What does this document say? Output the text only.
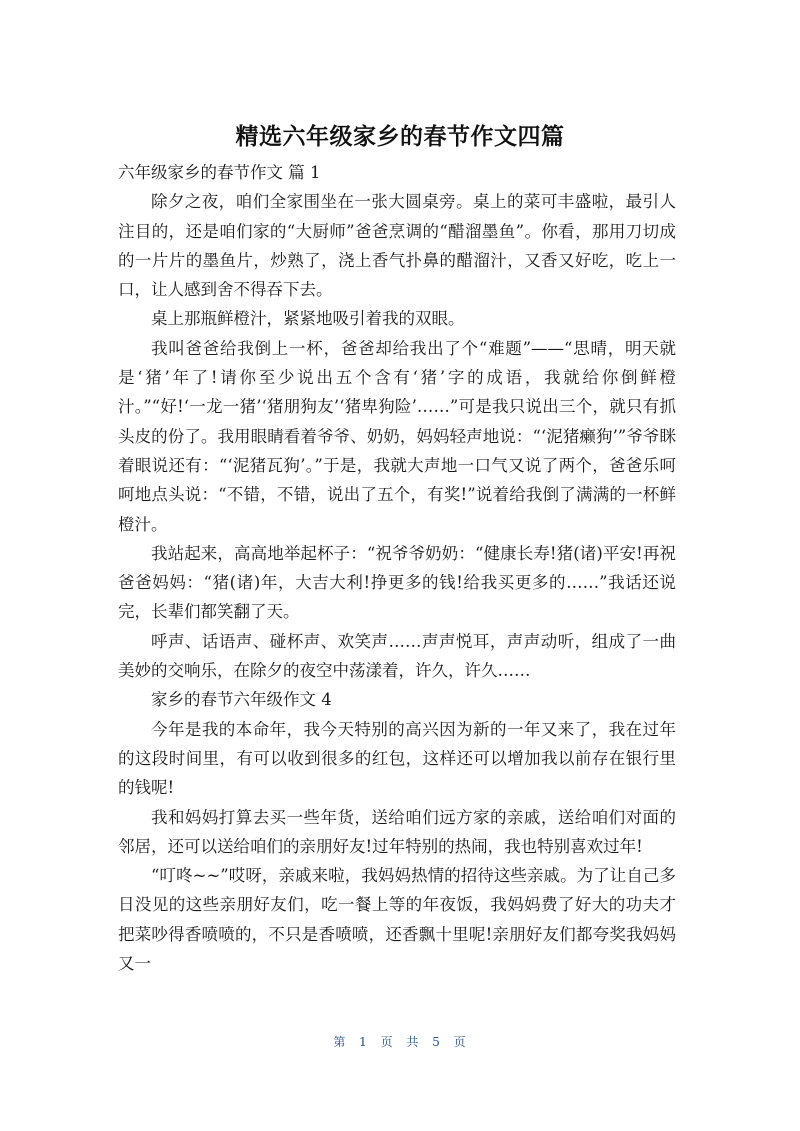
精选六年级家乡的春节作文四篇

六年级家乡的春节作文 篇 1

除夕之夜，咱们全家围坐在一张大圆桌旁。桌上的菜可丰盛啦，最引人注目的，还是咱们家的“大厨师”爸爸烹调的“醋溜墨鱼”。你看，那用刀切成的一片片的墨鱼片，炒熟了，浇上香气扑鼻的醋溜汁，又香又好吃，吃上一口，让人感到舍不得吞下去。

桌上那瓶鲜橙汁，紧紧地吸引着我的双眼。

我叫爸爸给我倒上一杯，爸爸却给我出了个“难题”——“思晴，明天就是‘猪’年了!请你至少说出五个含有‘猪’字的成语，我就给你倒鲜橙汁。”“好!‘一龙一猪’‘猪朋狗友’‘猪卑狗险’……”可是我只说出三个，就只有抓头皮的份了。我用眼睛看着爷爷、奶奶，妈妈轻声地说：“‘泥猪癞狗’”爷爷眯着眼说还有：“‘泥猪瓦狗’。”于是，我就大声地一口气又说了两个，爸爸乐呵呵地点头说：“不错，不错，说出了五个，有奖!”说着给我倒了满满的一杯鲜橙汁。

我站起来，高高地举起杯子：“祝爷爷奶奶：“健康长寿!猪(诸)平安!再祝爸爸妈妈：“猪(诸)年，大吉大利!挣更多的钱!给我买更多的……”我话还说完，长辈们都笑翻了天。

呼声、话语声、碰杯声、欢笑声……声声悦耳，声声动听，组成了一曲美妙的交响乐，在除夕的夜空中荡漾着，许久，许久……

家乡的春节六年级作文 4

今年是我的本命年，我今天特别的高兴因为新的一年又来了，我在过年的这段时间里，有可以收到很多的红包，这样还可以增加我以前存在银行里的钱呢!

我和妈妈打算去买一些年货，送给咱们远方家的亲戚，送给咱们对面的邻居，还可以送给咱们的亲朋好友!过年特别的热闹，我也特别喜欢过年!

“叮咚~~”哎呀，亲戚来啦，我妈妈热情的招待这些亲戚。为了让自己多日没见的这些亲朋好友们，吃一餐上等的年夜饭，我妈妈费了好大的功夫才把菜吵得香喷喷的，不只是香喷喷，还香飘十里呢!亲朋好友们都夸奖我妈妈又一

第 1 页 共 5 页
